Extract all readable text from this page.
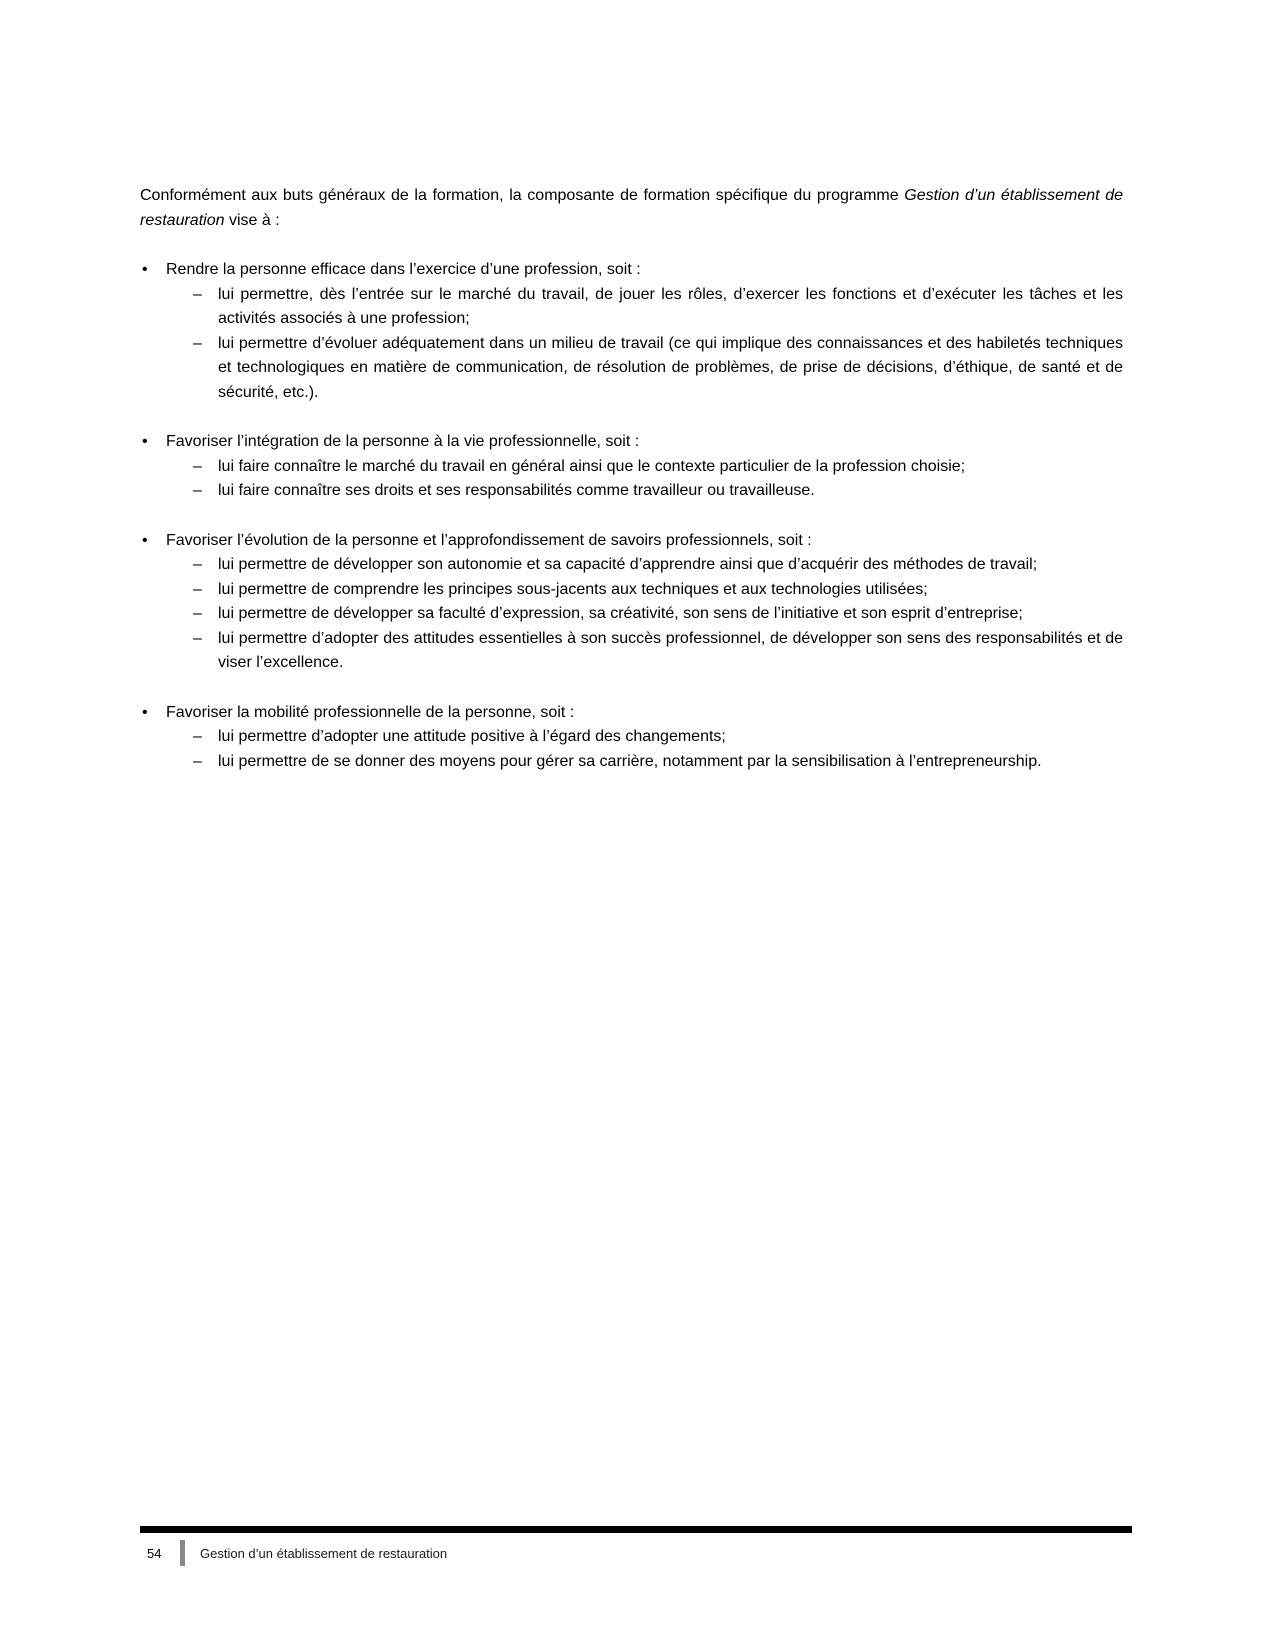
Conformément aux buts généraux de la formation, la composante de formation spécifique du programme Gestion d’un établissement de restauration vise à :

•	Rendre la personne efficace dans l’exercice d’une profession, soit :
–	lui permettre, dès l’entrée sur le marché du travail, de jouer les rôles, d’exercer les fonctions et d’exécuter les tâches et les activités associés à une profession;
–	lui permettre d’évoluer adéquatement dans un milieu de travail (ce qui implique des connaissances et des habiletés techniques et technologiques en matière de communication, de résolution de problèmes, de prise de décisions, d’éthique, de santé et de sécurité, etc.).
•	Favoriser l’intégration de la personne à la vie professionnelle, soit :
–	lui faire connaître le marché du travail en général ainsi que le contexte particulier de la profession choisie;
–	lui faire connaître ses droits et ses responsabilités comme travailleur ou travailleuse.
•	Favoriser l’évolution de la personne et l’approfondissement de savoirs professionnels, soit :
–	lui permettre de développer son autonomie et sa capacité d’apprendre ainsi que d’acquérir des méthodes de travail;
–	lui permettre de comprendre les principes sous-jacents aux techniques et aux technologies utilisées;
–	lui permettre de développer sa faculté d’expression, sa créativité, son sens de l’initiative et son esprit d’entreprise;
–	lui permettre d’adopter des attitudes essentielles à son succès professionnel, de développer son sens des responsabilités et de viser l’excellence.
•	Favoriser la mobilité professionnelle de la personne, soit :
–	lui permettre d’adopter une attitude positive à l’égard des changements;
–	lui permettre de se donner des moyens pour gérer sa carrière, notamment par la sensibilisation à l’entrepreneurship.
54	Gestion d’un établissement de restauration
